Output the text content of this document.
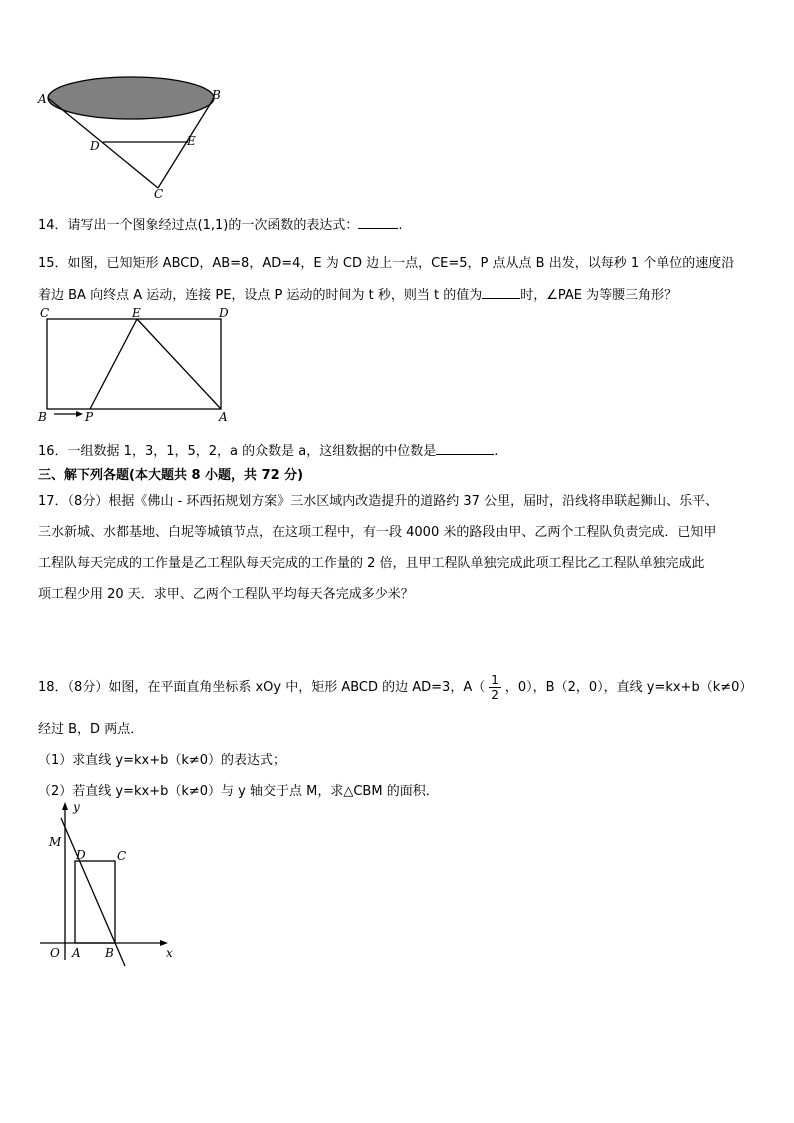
A	B
D	E
C
14．请写出一个图象经过点(1,1)的一次函数的表达式：	.
15．如图，已知矩形 ABCD，AB=8，AD=4，E 为 CD 边上一点，CE=5，P 点从点 B 出发，以每秒 1 个单位的速度沿
着边 BA 向终点 A 运动，连接 PE，设点 P 运动的时间为 t 秒，则当 t 的值为	时，∠PAE 为等腰三角形？
C	E	D
B	P	A
16．一组数据 1，3，1，5，2，a 的众数是 a，这组数据的中位数是	.
三、解下列各题(本大题共 8 小题，共 72 分)
17．（8分）根据《佛山 - 环西拓规划方案》三水区域内改造提升的道路约 37 公里，届时，沿线将串联起狮山、乐平、
三水新城、水都基地、白坭等城镇节点，在这项工程中，有一段 4000 米的路段由甲、乙两个工程队负责完成．已知甲
工程队每天完成的工作量是乙工程队每天完成的工作量的 2 倍，且甲工程队单独完成此项工程比乙工程队单独完成此
项工程少用 20 天．求甲、乙两个工程队平均每天各完成多少米？
18．（8分）如图，在平面直角坐标系 xOy 中，矩形 ABCD 的边 AD=3，$A( \frac{1}{2}$ ，0），B（2，0），直线 y=kx+b（k≠0）
经过 B，D 两点．
（1）求直线 y=kx+b（k≠0）的表达式；
（2）若直线 y=kx+b（k≠0）与 y 轴交于点 M，求△CBM 的面积．
y
M
D	C
O A B	x
